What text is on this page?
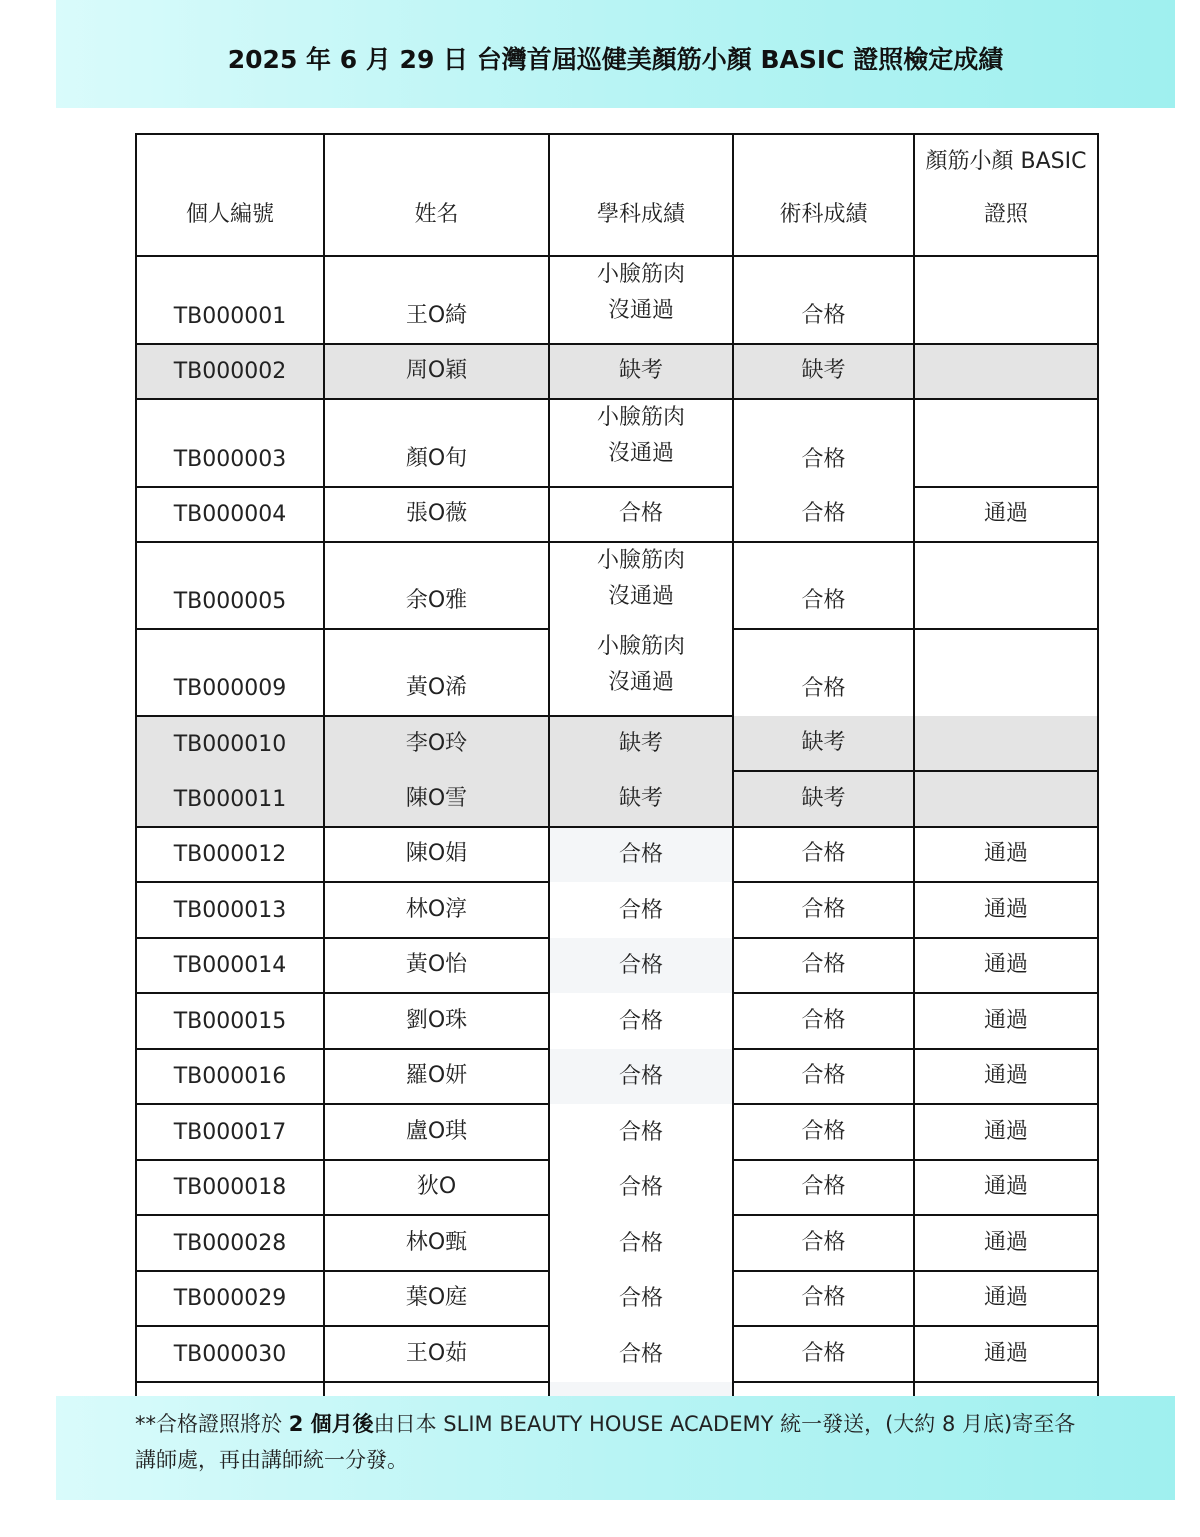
2025 年 6 月 29 日 台灣首屆巡健美顏筋小顏 BASIC 證照檢定成績
個人編號	姓名	學科成績	術科成績	顏筋小顏 BASIC
證照

TB000001	王O綺	小臉筋肉
沒通過	合格	
TB000002	周O穎	缺考	缺考	
TB000003	顏O旬	小臉筋肉
沒通過	合格	
TB000004	張O薇	合格	合格	通過
TB000005	余O雅	小臉筋肉
沒通過	合格	
TB000009	黃O浠	小臉筋肉
沒通過	合格	
TB000010	李O玲	缺考	缺考	
TB000011	陳O雪	缺考	缺考	
TB000012	陳O娟	合格	合格	通過
TB000013	林O淳	合格	合格	通過
TB000014	黃O怡	合格	合格	通過
TB000015	劉O珠	合格	合格	通過
TB000016	羅O妍	合格	合格	通過
TB000017	盧O琪	合格	合格	通過
TB000018	狄O	合格	合格	通過
TB000028	林O甄	合格	合格	通過
TB000029	葉O庭	合格	合格	通過
TB000030	王O茹	合格	合格	通過

**合格證照將於 2 個月後由日本 SLIM BEAUTY HOUSE ACADEMY 統一發送，(大約 8 月底)寄至各講師處，再由講師統一分發。
